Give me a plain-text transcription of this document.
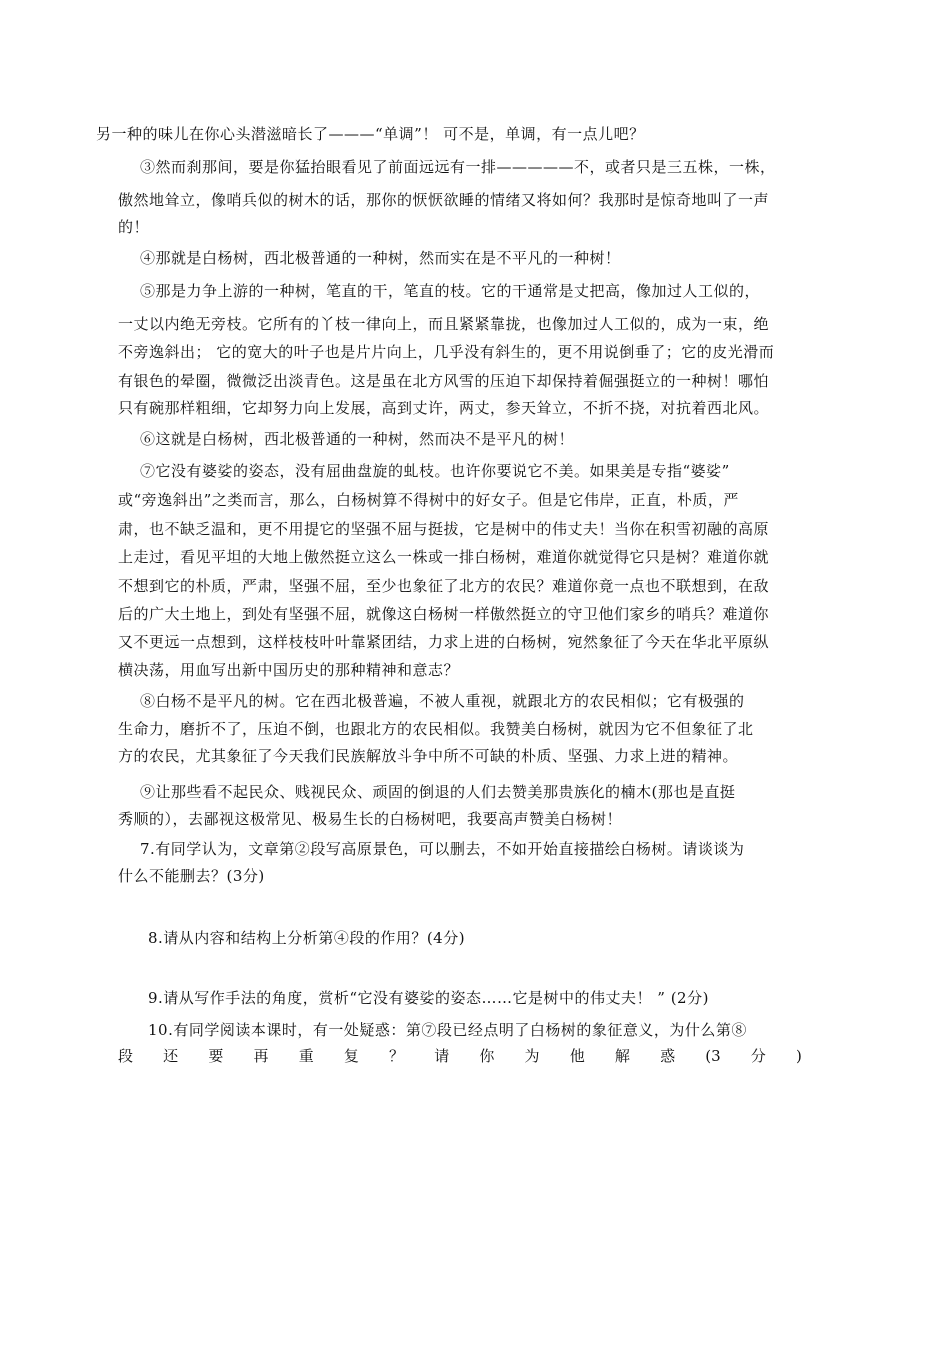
另一种的味儿在你心头潜滋暗长了———“单调”！ 可不是，单调，有一点儿吧？
③然而刹那间，要是你猛抬眼看见了前面远远有一排—————不，或者只是三五株，一株，
傲然地耸立，像哨兵似的树木的话，那你的恹恹欲睡的情绪又将如何？我那时是惊奇地叫了一声
的！
④那就是白杨树，西北极普通的一种树，然而实在是不平凡的一种树！
⑤那是力争上游的一种树，笔直的干，笔直的枝。它的干通常是丈把高，像加过人工似的，
一丈以内绝无旁枝。它所有的丫枝一律向上，而且紧紧靠拢，也像加过人工似的，成为一束，绝
不旁逸斜出； 它的宽大的叶子也是片片向上，几乎没有斜生的，更不用说倒垂了；它的皮光滑而
有银色的晕圈，微微泛出淡青色。这是虽在北方风雪的压迫下却保持着倔强挺立的一种树！哪怕
只有碗那样粗细，它却努力向上发展，高到丈许，两丈，参天耸立，不折不挠，对抗着西北风。
⑥这就是白杨树，西北极普通的一种树，然而决不是平凡的树！
⑦它没有婆娑的姿态，没有屈曲盘旋的虬枝。也许你要说它不美。如果美是专指“婆娑”
或“旁逸斜出”之类而言，那么，白杨树算不得树中的好女子。但是它伟岸，正直，朴质，严
肃，也不缺乏温和，更不用提它的坚强不屈与挺拔，它是树中的伟丈夫！当你在积雪初融的高原
上走过，看见平坦的大地上傲然挺立这么一株或一排白杨树，难道你就觉得它只是树？难道你就
不想到它的朴质，严肃，坚强不屈，至少也象征了北方的农民？难道你竟一点也不联想到，在敌
后的广大土地上，到处有坚强不屈，就像这白杨树一样傲然挺立的守卫他们家乡的哨兵？难道你
又不更远一点想到，这样枝枝叶叶靠紧团结，力求上进的白杨树，宛然象征了今天在华北平原纵
横决荡，用血写出新中国历史的那种精神和意志？
⑧白杨不是平凡的树。它在西北极普遍，不被人重视，就跟北方的农民相似；它有极强的
生命力，磨折不了，压迫不倒，也跟北方的农民相似。我赞美白杨树，就因为它不但象征了北
方的农民，尤其象征了今天我们民族解放斗争中所不可缺的朴质、坚强、力求上进的精神。
⑨让那些看不起民众、贱视民众、顽固的倒退的人们去赞美那贵族化的楠木(那也是直挺
秀顺的），去鄙视这极常见、极易生长的白杨树吧，我要高声赞美白杨树！
7.有同学认为，文章第②段写高原景色，可以删去，不如开始直接描绘白杨树。请谈谈为
什么不能删去？(3分)
8.请从内容和结构上分析第④段的作用？(4分)
9.请从写作手法的角度，赏析“它没有婆娑的姿态……它是树中的伟丈夫！ ” (2分)
10.有同学阅读本课时，有一处疑惑：第⑦段已经点明了白杨树的象征意义，为什么第⑧
段 还 要 再 重 复 ？ 请 你 为 他 解 惑 (3 分 )
